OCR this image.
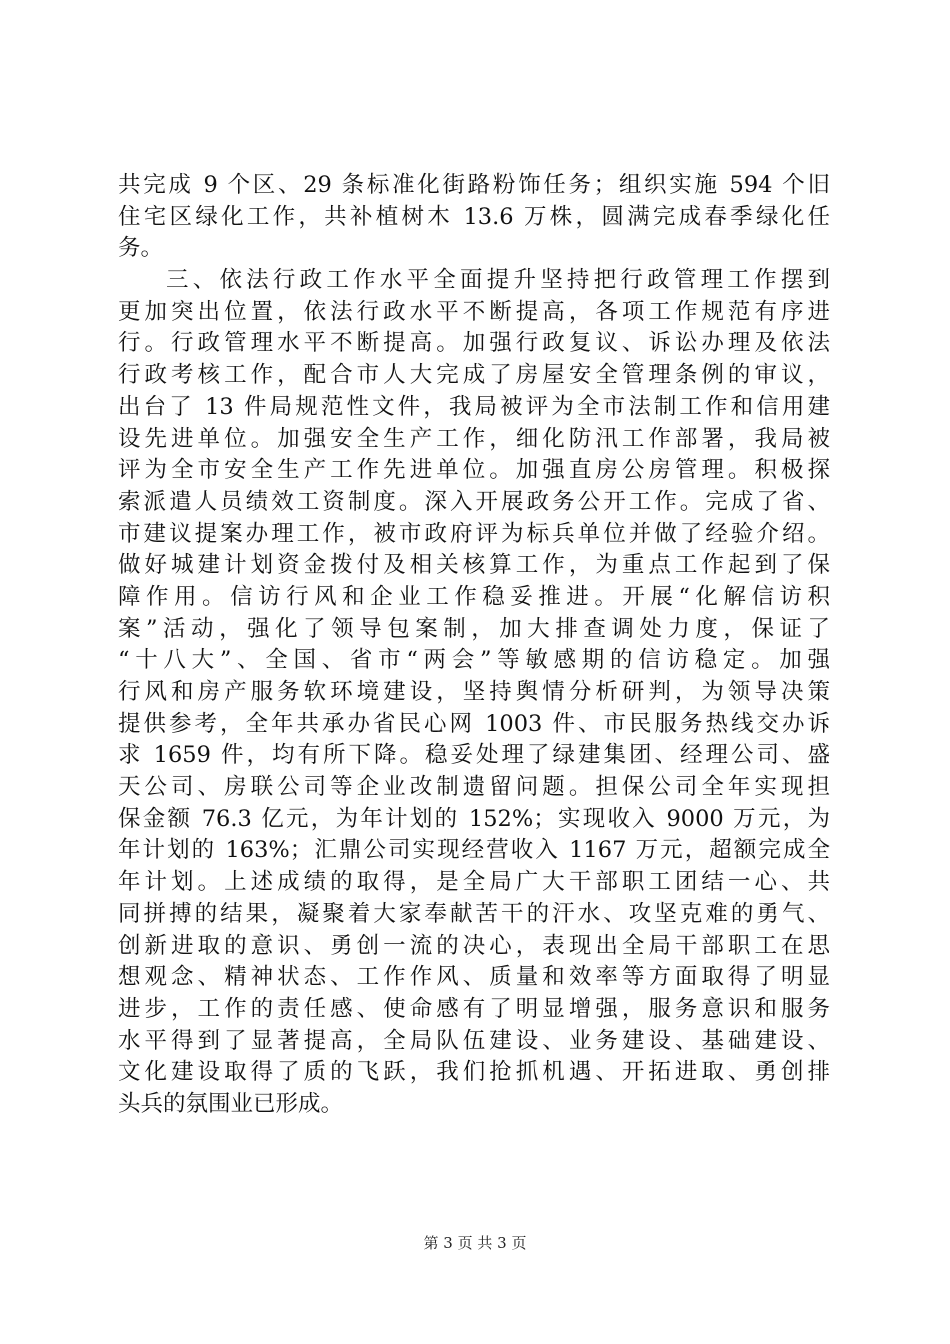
共完成 9 个区、29 条标准化街路粉饰任务；组织实施 594 个旧
住宅区绿化工作，共补植树木 13.6 万株，圆满完成春季绿化任
务。
三、依法行政工作水平全面提升坚持把行政管理工作摆到
更加突出位置，依法行政水平不断提高，各项工作规范有序进
行。行政管理水平不断提高。加强行政复议、诉讼办理及依法
行政考核工作，配合市人大完成了房屋安全管理条例的审议，
出台了 13 件局规范性文件，我局被评为全市法制工作和信用建
设先进单位。加强安全生产工作，细化防汛工作部署，我局被
评为全市安全生产工作先进单位。加强直房公房管理。积极探
索派遣人员绩效工资制度。深入开展政务公开工作。完成了省、
市建议提案办理工作，被市政府评为标兵单位并做了经验介绍。
做好城建计划资金拨付及相关核算工作，为重点工作起到了保
障作用。信访行风和企业工作稳妥推进。开展“化解信访积
案”活动，强化了领导包案制，加大排查调处力度，保证了
“十八大”、全国、省市“两会”等敏感期的信访稳定。加强
行风和房产服务软环境建设，坚持舆情分析研判，为领导决策
提供参考，全年共承办省民心网 1003 件、市民服务热线交办诉
求 1659 件，均有所下降。稳妥处理了绿建集团、经理公司、盛
天公司、房联公司等企业改制遗留问题。担保公司全年实现担
保金额 76.3 亿元，为年计划的 152%；实现收入 9000 万元，为
年计划的 163%；汇鼎公司实现经营收入 1167 万元，超额完成全
年计划。上述成绩的取得，是全局广大干部职工团结一心、共
同拼搏的结果，凝聚着大家奉献苦干的汗水、攻坚克难的勇气、
创新进取的意识、勇创一流的决心，表现出全局干部职工在思
想观念、精神状态、工作作风、质量和效率等方面取得了明显
进步，工作的责任感、使命感有了明显增强，服务意识和服务
水平得到了显著提高，全局队伍建设、业务建设、基础建设、
文化建设取得了质的飞跃，我们抢抓机遇、开拓进取、勇创排
头兵的氛围业已形成。
第 3 页 共 3 页
